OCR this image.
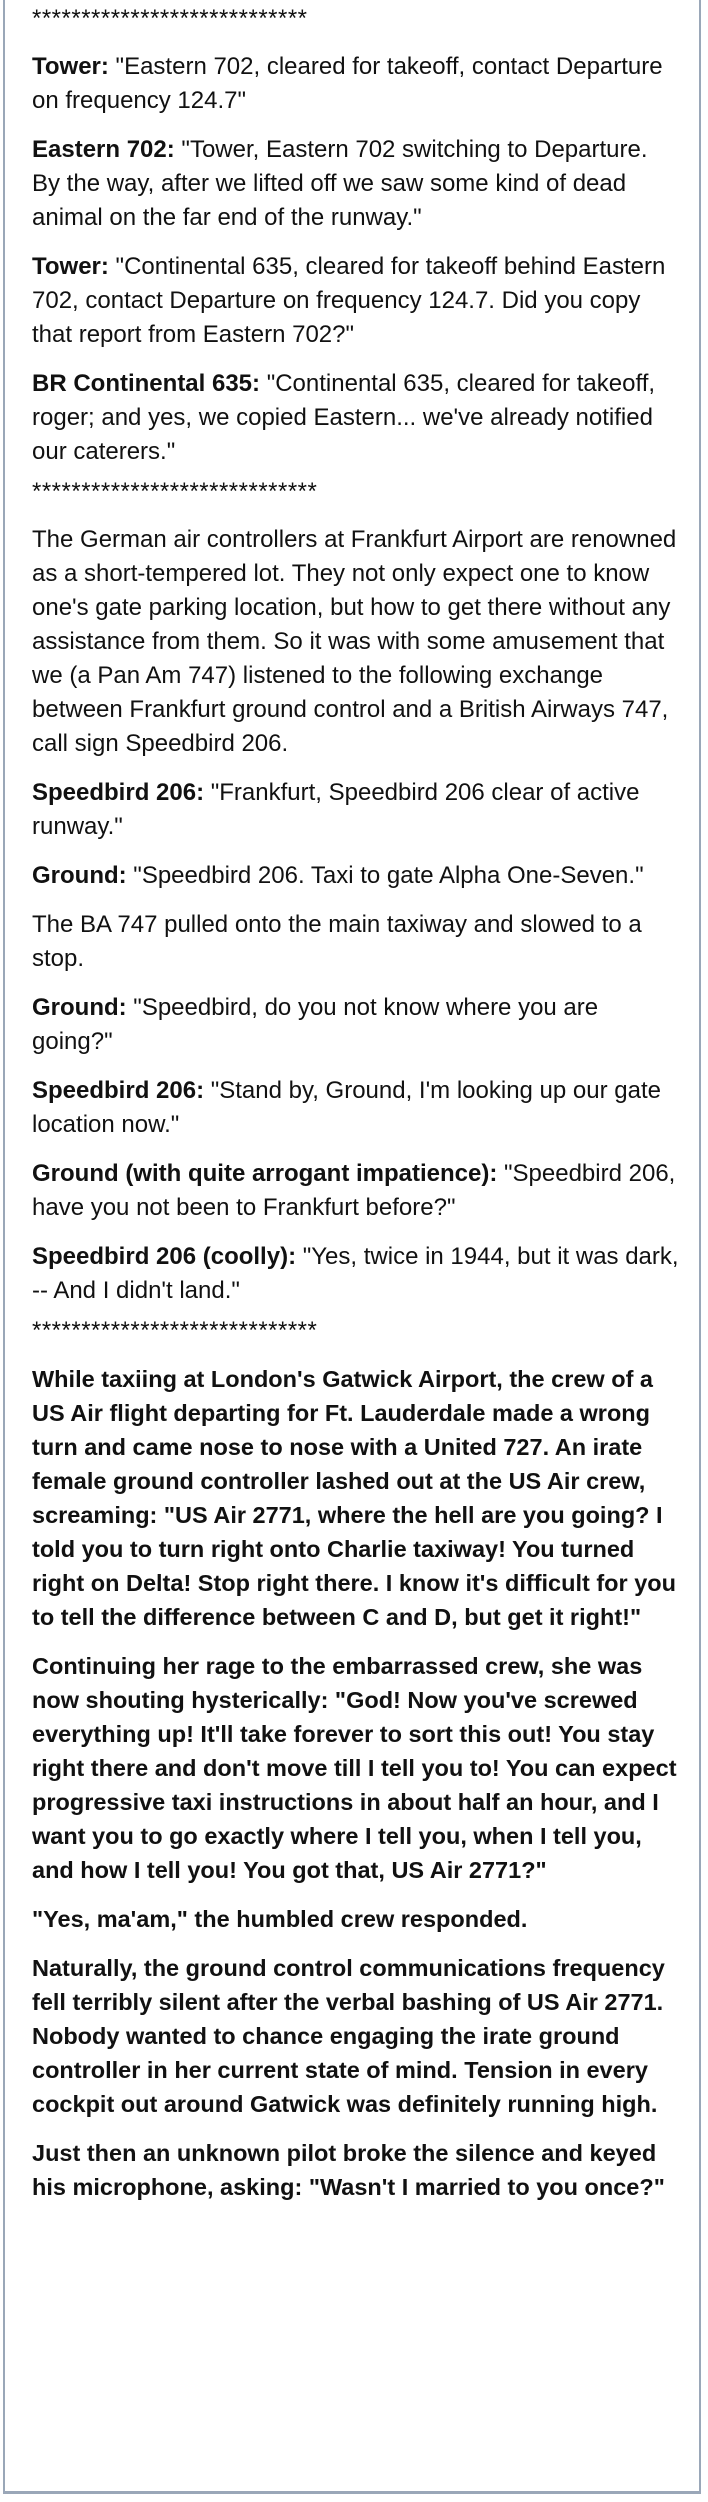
****************************

Tower: "Eastern 702, cleared for takeoff, contact Departure on frequency 124.7"

Eastern 702: "Tower, Eastern 702 switching to Departure. By the way, after we lifted off we saw some kind of dead animal on the far end of the runway."

Tower: "Continental 635, cleared for takeoff behind Eastern 702, contact Departure on frequency 124.7. Did you copy that report from Eastern 702?"

BR Continental 635: "Continental 635, cleared for takeoff, roger; and yes, we copied Eastern... we've already notified our caterers."

*****************************

The German air controllers at Frankfurt Airport are renowned as a short-tempered lot. They not only expect one to know one's gate parking location, but how to get there without any assistance from them. So it was with some amusement that we (a Pan Am 747) listened to the following exchange between Frankfurt ground control and a British Airways 747, call sign Speedbird 206.

Speedbird 206: "Frankfurt, Speedbird 206 clear of active runway."

Ground: "Speedbird 206. Taxi to gate Alpha One-Seven."

The BA 747 pulled onto the main taxiway and slowed to a stop.

Ground: "Speedbird, do you not know where you are going?"

Speedbird 206: "Stand by, Ground, I'm looking up our gate location now."

Ground (with quite arrogant impatience): "Speedbird 206, have you not been to Frankfurt before?"

Speedbird 206 (coolly): "Yes, twice in 1944, but it was dark, -- And I didn't land."

*****************************

While taxiing at London's Gatwick Airport, the crew of a US Air flight departing for Ft. Lauderdale made a wrong turn and came nose to nose with a United 727. An irate female ground controller lashed out at the US Air crew, screaming: "US Air 2771, where the hell are you going? I told you to turn right onto Charlie taxiway! You turned right on Delta! Stop right there. I know it's difficult for you to tell the difference between C and D, but get it right!"

Continuing her rage to the embarrassed crew, she was now shouting hysterically: "God! Now you've screwed everything up! It'll take forever to sort this out! You stay right there and don't move till I tell you to! You can expect progressive taxi instructions in about half an hour, and I want you to go exactly where I tell you, when I tell you, and how I tell you! You got that, US Air 2771?"

"Yes, ma'am," the humbled crew responded.

Naturally, the ground control communications frequency fell terribly silent after the verbal bashing of US Air 2771. Nobody wanted to chance engaging the irate ground controller in her current state of mind. Tension in every cockpit out around Gatwick was definitely running high.

Just then an unknown pilot broke the silence and keyed his microphone, asking: "Wasn't I married to you once?"
